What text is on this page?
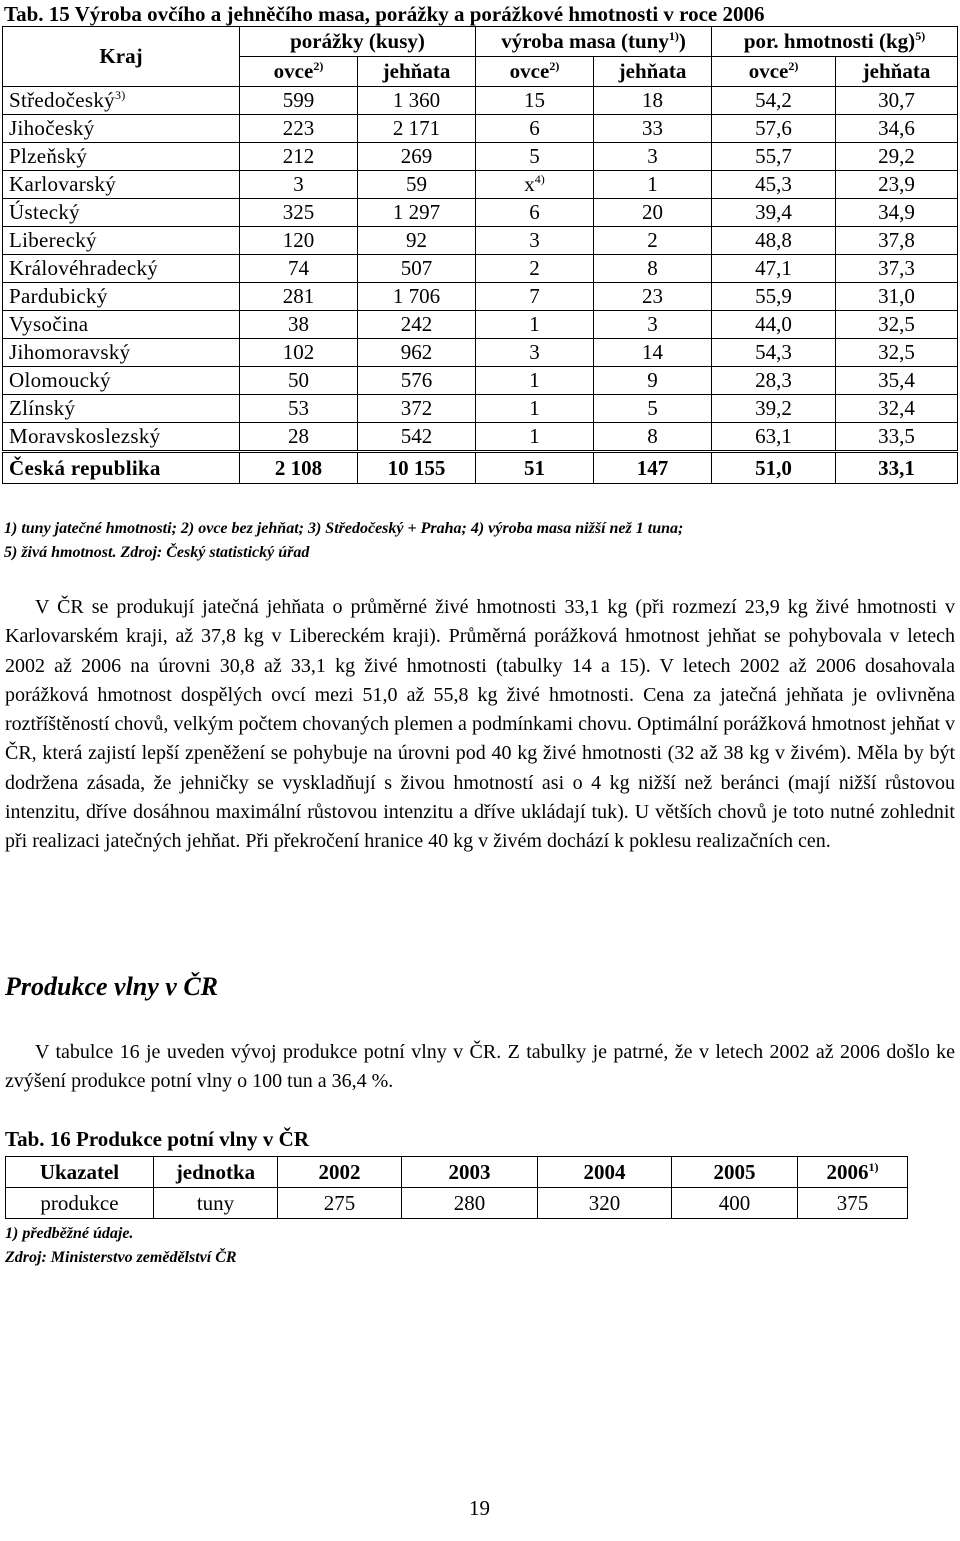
Tab. 15 Výroba ovčího a jehněčího masa, porážky a porážkové hmotnosti v roce 2006
Kraj	porážky (kusy)		výroba masa (tuny$^{1)}$)		por. hmotnosti (kg)$^{5)}$
	ovce$^{2)}$	jehňata	ovce$^{2)}$	jehňata	ovce$^{2)}$	jehňata
Středočeský$^{3)}$	599	1 360	15	18	54,2	30,7
Jihočeský	223	2 171	6	33	57,6	34,6
Plzeňský	212	269	5	3	55,7	29,2
Karlovarský	3	59	$x^{4)}$	1	45,3	23,9
Ústecký	325	1 297	6	20	39,4	34,9
Liberecký	120	92	3	2	48,8	37,8
Královéhradecký	74	507	2	8	47,1	37,3
Pardubický	281	1 706	7	23	55,9	31,0
Vysočina	38	242	1	3	44,0	32,5
Jihomoravský	102	962	3	14	54,3	32,5
Olomoucký	50	576	1	9	28,3	35,4
Zlínský	53	372	1	5	39,2	32,4
Moravskoslezský	28	542	1	8	63,1	33,5
Česká republika	2 108	10 155	51	147	51,0	33,1
1) tuny jatečné hmotnosti; 2) ovce bez jehňat; 3) Středočeský + Praha; 4) výroba masa nižší než 1 tuna;
5) živá hmotnost. Zdroj: Český statistický úřad

V ČR se produkují jatečná jehňata o průměrné živé hmotnosti 33,1 kg (při rozmezí 23,9 kg živé hmotnosti v Karlovarském kraji, až 37,8 kg v Libereckém kraji). Průměrná porážková hmotnost jehňat se pohybovala v letech 2002 až 2006 na úrovni 30,8 až 33,1 kg živé hmotnosti (tabulky 14 a 15). V letech 2002 až 2006 dosahovala porážková hmotnost dospělých ovcí mezi 51,0 až 55,8 kg živé hmotnosti. Cena za jatečná jehňata je ovlivněna roztříštěností chovů, velkým počtem chovaných plemen a podmínkami chovu. Optimální porážková hmotnost jehňat v ČR, která zajistí lepší zpeněžení se pohybuje na úrovni pod 40 kg živé hmotnosti (32 až 38 kg v živém). Měla by být dodržena zásada, že jehničky se vyskladňují s živou hmotností asi o 4 kg nižší než beránci (mají nižší růstovou intenzitu, dříve dosáhnou maximální růstovou intenzitu a dříve ukládají tuk). U větších chovů je toto nutné zohlednit při realizaci jatečných jehňat. Při překročení hranice 40 kg v živém dochází k poklesu realizačních cen.

Produkce vlny v ČR

V tabulce 16 je uveden vývoj produkce potní vlny v ČR. Z tabulky je patrné, že v letech 2002 až 2006 došlo ke zvýšení produkce potní vlny o 100 tun a 36,4 %.

Tab. 16 Produkce potní vlny v ČR
Ukazatel	jednotka	2002	2003	2004	2005	2006$^{1)}$
produkce	tuny	275	280	320	400	375
1) předběžné údaje.
Zdroj: Ministerstvo zemědělství ČR
19
